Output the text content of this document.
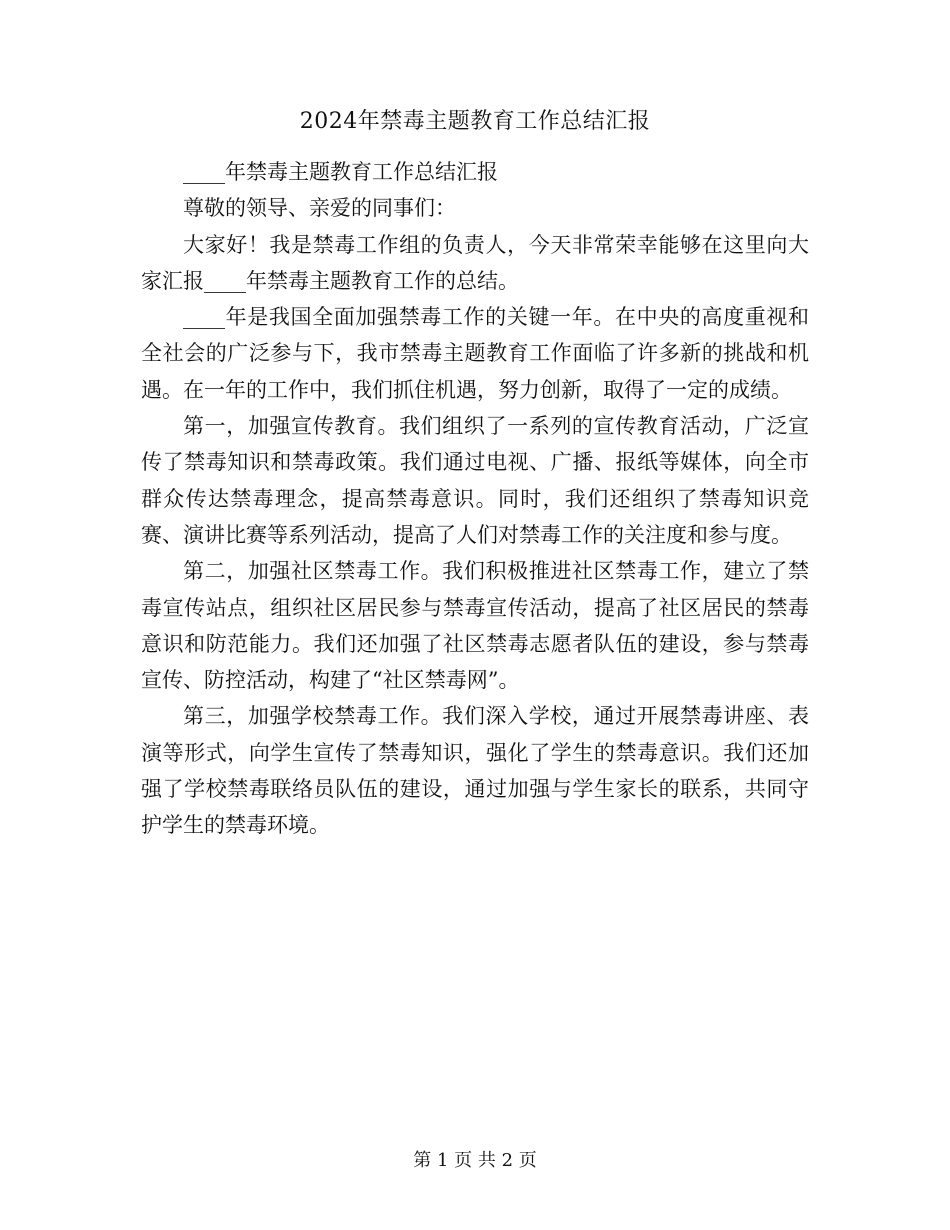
2024年禁毒主题教育工作总结汇报

____年禁毒主题教育工作总结汇报

尊敬的领导、亲爱的同事们：

大家好！我是禁毒工作组的负责人，今天非常荣幸能够在这里向大家汇报____年禁毒主题教育工作的总结。

____年是我国全面加强禁毒工作的关键一年。在中央的高度重视和全社会的广泛参与下，我市禁毒主题教育工作面临了许多新的挑战和机遇。在一年的工作中，我们抓住机遇，努力创新，取得了一定的成绩。

第一，加强宣传教育。我们组织了一系列的宣传教育活动，广泛宣传了禁毒知识和禁毒政策。我们通过电视、广播、报纸等媒体，向全市群众传达禁毒理念，提高禁毒意识。同时，我们还组织了禁毒知识竞赛、演讲比赛等系列活动，提高了人们对禁毒工作的关注度和参与度。

第二，加强社区禁毒工作。我们积极推进社区禁毒工作，建立了禁毒宣传站点，组织社区居民参与禁毒宣传活动，提高了社区居民的禁毒意识和防范能力。我们还加强了社区禁毒志愿者队伍的建设，参与禁毒宣传、防控活动，构建了“社区禁毒网”。

第三，加强学校禁毒工作。我们深入学校，通过开展禁毒讲座、表演等形式，向学生宣传了禁毒知识，强化了学生的禁毒意识。我们还加强了学校禁毒联络员队伍的建设，通过加强与学生家长的联系，共同守护学生的禁毒环境。

第 1 页 共 2 页
